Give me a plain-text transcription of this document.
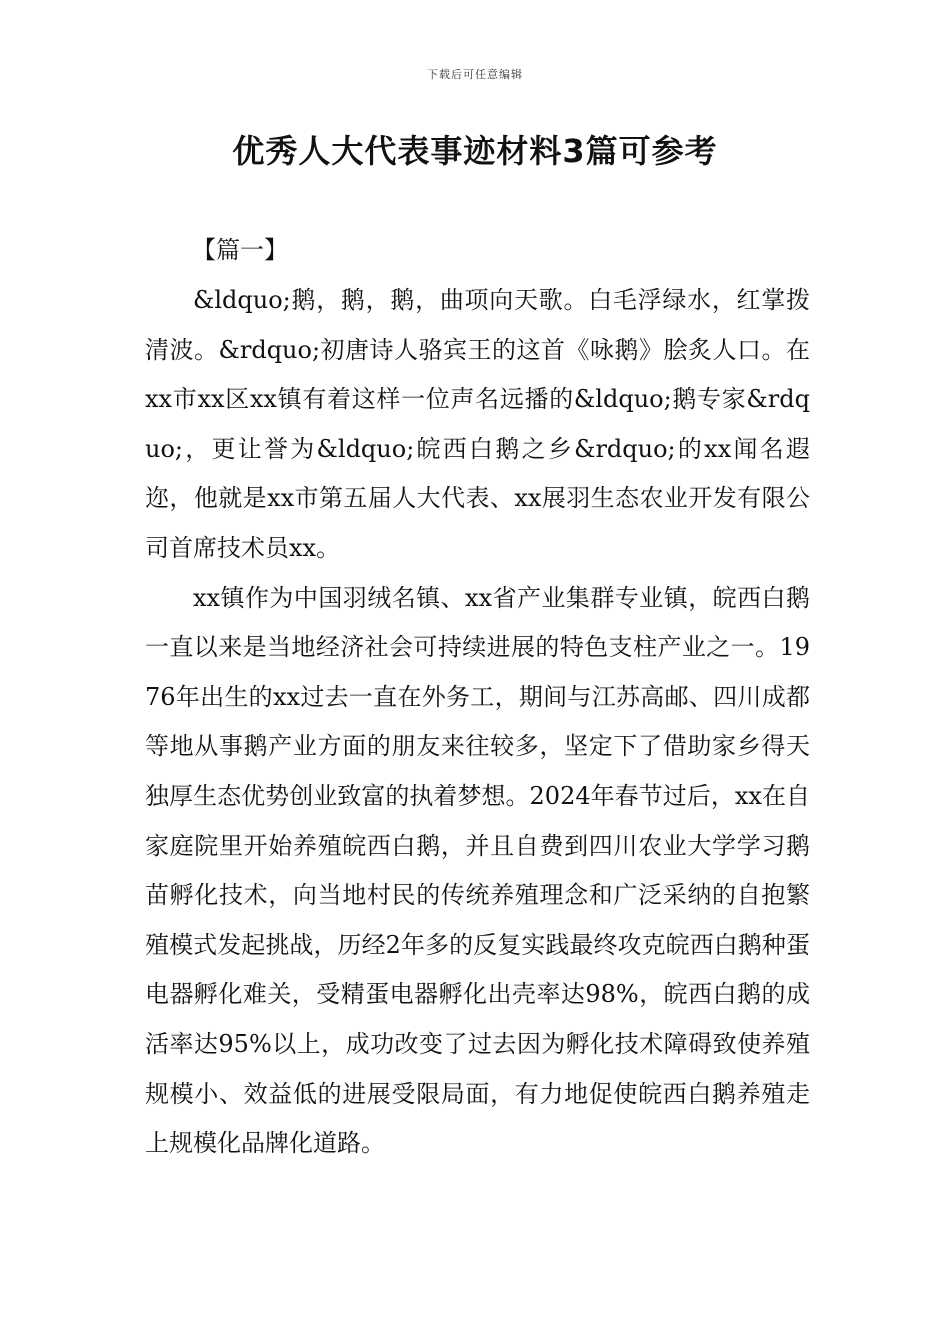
下载后可任意编辑
优秀人大代表事迹材料3篇可参考
【篇一】

&ldquo;鹅，鹅，鹅，曲项向天歌。白毛浮绿水，红掌拨清波。&rdquo;初唐诗人骆宾王的这首《咏鹅》脍炙人口。在xx市xx区xx镇有着这样一位声名远播的&ldquo;鹅专家&rdquo;，更让誉为&ldquo;皖西白鹅之乡&rdquo;的xx闻名遐迩，他就是xx市第五届人大代表、xx展羽生态农业开发有限公司首席技术员xx。

xx镇作为中国羽绒名镇、xx省产业集群专业镇，皖西白鹅一直以来是当地经济社会可持续进展的特色支柱产业之一。1976年出生的xx过去一直在外务工，期间与江苏高邮、四川成都等地从事鹅产业方面的朋友来往较多，坚定下了借助家乡得天独厚生态优势创业致富的执着梦想。2024年春节过后，xx在自家庭院里开始养殖皖西白鹅，并且自费到四川农业大学学习鹅苗孵化技术，向当地村民的传统养殖理念和广泛采纳的自抱繁殖模式发起挑战，历经2年多的反复实践最终攻克皖西白鹅种蛋电器孵化难关，受精蛋电器孵化出壳率达98%，皖西白鹅的成活率达95%以上，成功改变了过去因为孵化技术障碍致使养殖规模小、效益低的进展受限局面，有力地促使皖西白鹅养殖走上规模化品牌化道路。
